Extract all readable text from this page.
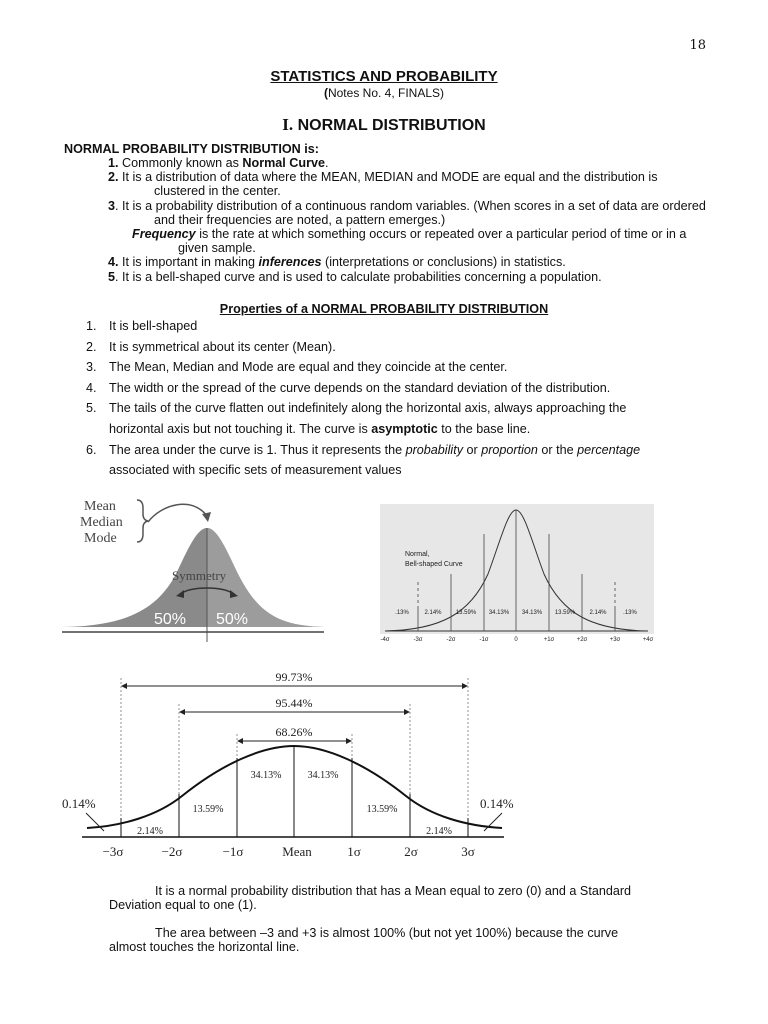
18
STATISTICS AND PROBABILITY
(Notes No. 4, FINALS)
I. NORMAL DISTRIBUTION
NORMAL PROBABILITY DISTRIBUTION is:
1. Commonly known as Normal Curve.
2. It is a distribution of data where the MEAN, MEDIAN and MODE are equal and the distribution is clustered in the center.
3. It is a probability distribution of a continuous random variables. (When scores in a set of data are ordered and their frequencies are noted, a pattern emerges.)
Frequency is the rate at which something occurs or repeated over a particular period of time or in a given sample.
4. It is important in making inferences (interpretations or conclusions) in statistics.
5. It is a bell-shaped curve and is used to calculate probabilities concerning a population.
Properties of a NORMAL PROBABILITY DISTRIBUTION
1. It is bell-shaped
2. It is symmetrical about its center (Mean).
3. The Mean, Median and Mode are equal and they coincide at the center.
4. The width or the spread of the curve depends on the standard deviation of the distribution.
5. The tails of the curve flatten out indefinitely along the horizontal axis, always approaching the
horizontal axis but not touching it. The curve is asymptotic to the base line.
6. The area under the curve is 1. Thus it represents the probability or proportion or the percentage
associated with specific sets of measurement values
Mean
Median
Mode
Symmetry
50% 50%
Normal,
Bell-shaped Curve
.13%	2.14% 13.59% 34.13% 34.13% 13.59% 2.14%	.13%
-4σ	-3σ	-2σ	-1σ	0	+1σ	+2σ	+3σ	+4σ
99.73%
95.44%
68.26%
34.13%	34.13%
13.59%	13.59%
2.14%	2.14%
0.14%	0.14%
−3σ	−2σ	−1σ	Mean	1σ	2σ	3σ
It is a normal probability distribution that has a Mean equal to zero (0) and a Standard
Deviation equal to one (1).
The area between –3 and +3 is almost 100% (but not yet 100%) because the curve
almost touches the horizontal line.
